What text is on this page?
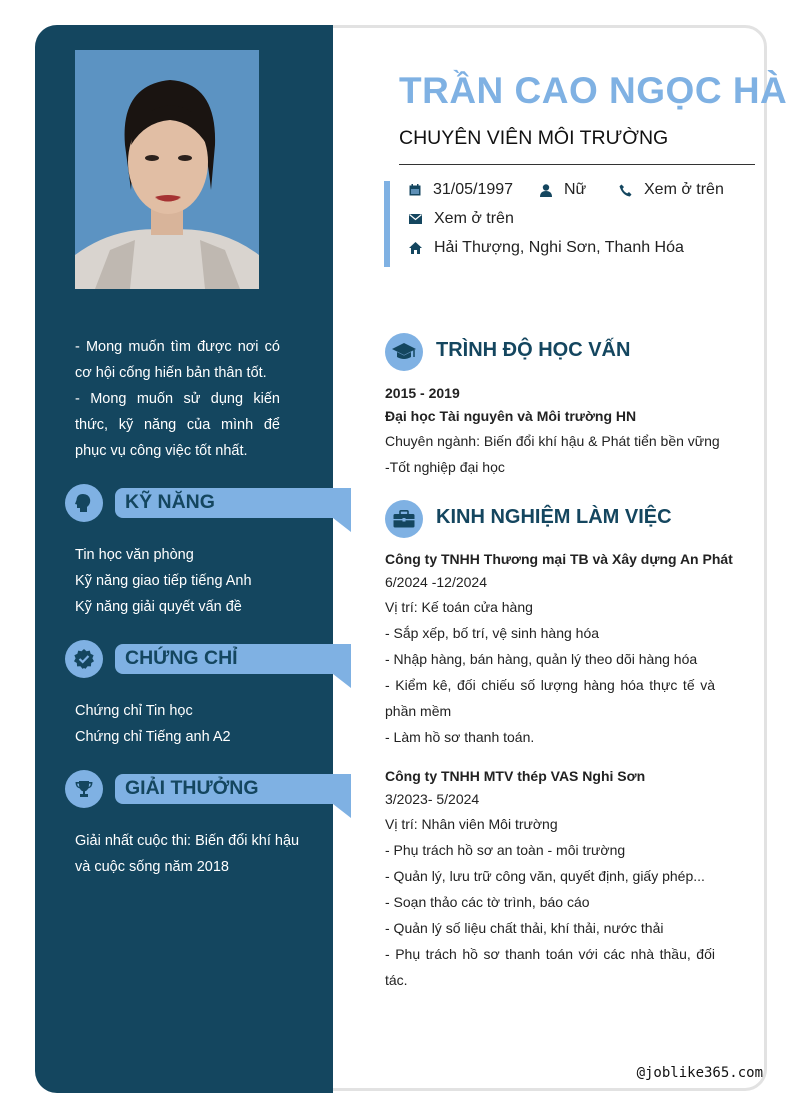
- Mong muốn tìm được nơi có cơ hội cống hiến bản thân tốt.

- Mong muốn sử dụng kiến thức, kỹ năng của mình để phục vụ công việc tốt nhất.

KỸ NĂNG
Tin học văn phòng
Kỹ năng giao tiếp tiếng Anh
Kỹ năng giải quyết vấn đề
CHỨNG CHỈ
Chứng chỉ Tin học
Chứng chỉ Tiếng anh A2
GIẢI THƯỞNG
Giải nhất cuộc thi: Biến đổi khí hậu và cuộc sống năm 2018
TRẦN CAO NGỌC HÀ
CHUYÊN VIÊN MÔI TRƯỜNG
31/05/1997	Nữ	Xem ở trên
Xem ở trên
Hải Thượng, Nghi Sơn, Thanh Hóa
TRÌNH ĐỘ HỌC VẤN
2015 - 2019
Đại học Tài nguyên và Môi trường HN
Chuyên ngành: Biến đổi khí hậu & Phát tiển bền vững
-Tốt nghiệp đại học
KINH NGHIỆM LÀM VIỆC
Công ty TNHH Thương mại TB và Xây dựng An Phát
6/2024 -12/2024
Vị trí: Kế toán cửa hàng
- Sắp xếp, bố trí, vệ sinh hàng hóa
- Nhập hàng, bán hàng, quản lý theo dõi hàng hóa
- Kiểm kê, đối chiếu số lượng hàng hóa thực tế và phần mềm
- Làm hồ sơ thanh toán.
Công ty TNHH MTV thép VAS Nghi Sơn
3/2023- 5/2024
Vị trí: Nhân viên Môi trường
- Phụ trách hồ sơ an toàn - môi trường
- Quản lý, lưu trữ công văn, quyết định, giấy phép...
- Soạn thảo các tờ trình, báo cáo
- Quản lý số liệu chất thải, khí thải, nước thải
- Phụ trách hồ sơ thanh toán với các nhà thầu, đối tác.
@joblike365.com
